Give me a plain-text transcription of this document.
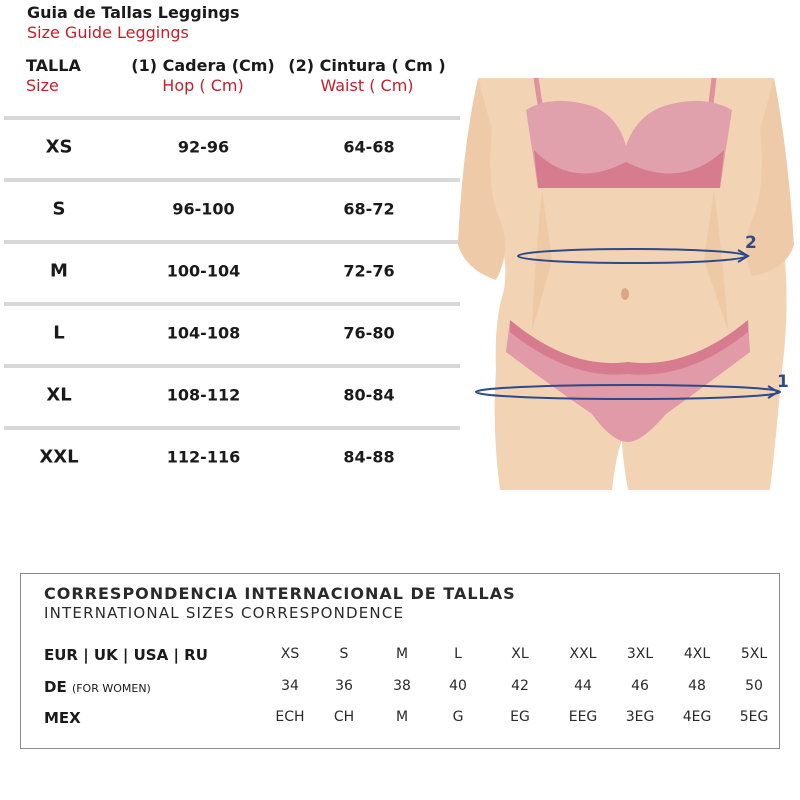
Guia de Tallas Leggings
Size Guide Leggings
TALLA
Size
(1) Cadera (Cm)
Hop ( Cm)
(2) Cintura ( Cm )
Waist ( Cm)
XS	92-96	64-68
S	96-100	68-72
M	100-104	72-76
L	104-108	76-80
XL	108-112	80-84
XXL	112-116	84-88
2
1
CORRESPONDENCIA INTERNACIONAL DE TALLAS
INTERNATIONAL SIZES CORRESPONDENCE
EUR | UK | USA | RU	XS	S	M	L	XL	XXL	3XL	4XL	5XL
DE (FOR WOMEN)	34	36	38	40	42	44	46	48	50
MEX	ECH	CH	M	G	EG	EEG	3EG	4EG	5EG
